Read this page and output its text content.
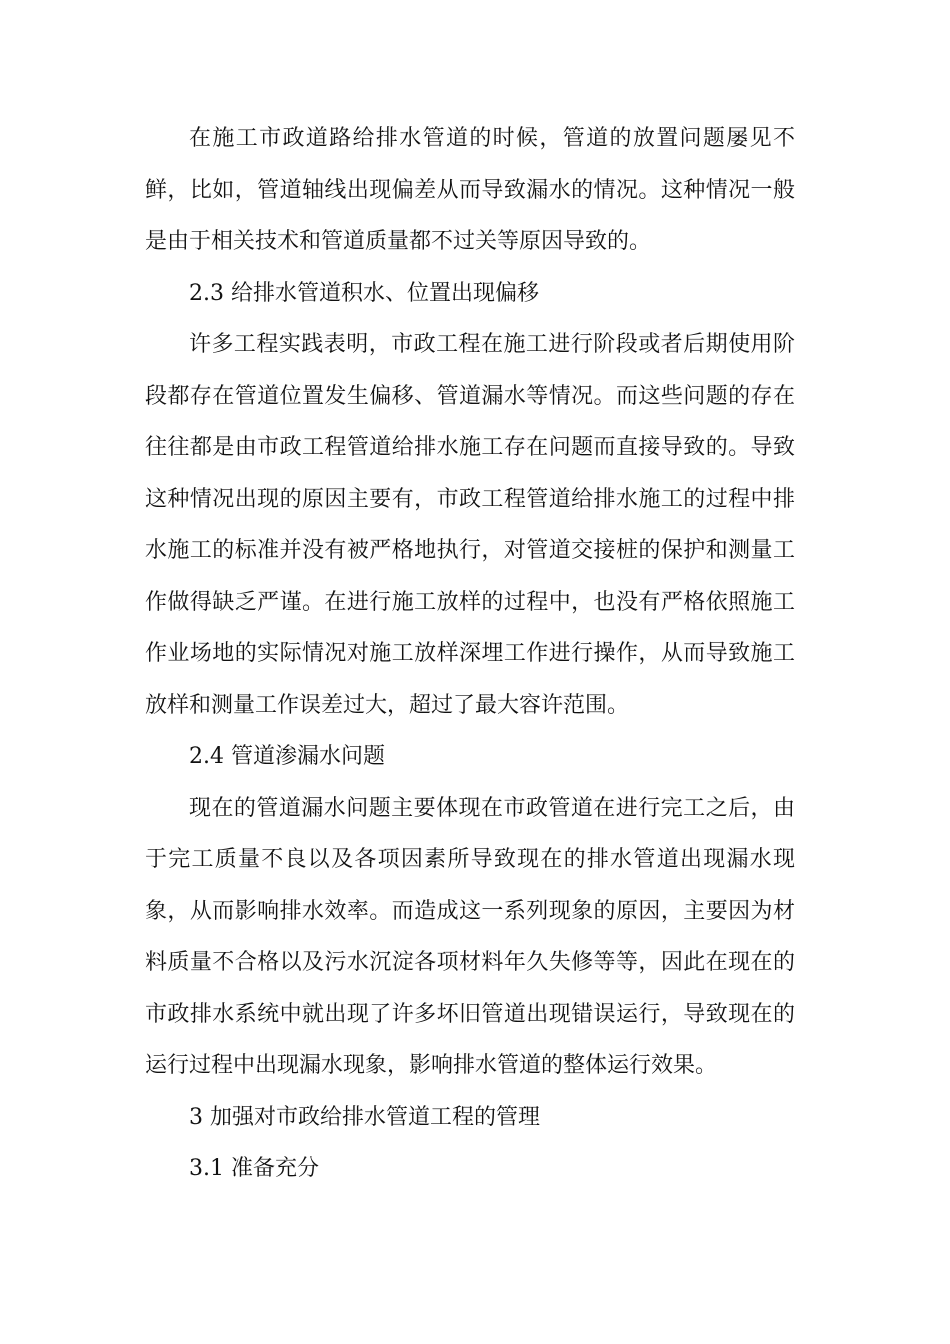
在施工市政道路给排水管道的时候，管道的放置问题屡见不鲜，比如，管道轴线出现偏差从而导致漏水的情况。这种情况一般是由于相关技术和管道质量都不过关等原因导致的。

2.3 给排水管道积水、位置出现偏移

许多工程实践表明，市政工程在施工进行阶段或者后期使用阶段都存在管道位置发生偏移、管道漏水等情况。而这些问题的存在往往都是由市政工程管道给排水施工存在问题而直接导致的。导致这种情况出现的原因主要有，市政工程管道给排水施工的过程中排水施工的标准并没有被严格地执行，对管道交接桩的保护和测量工作做得缺乏严谨。在进行施工放样的过程中，也没有严格依照施工作业场地的实际情况对施工放样深埋工作进行操作，从而导致施工放样和测量工作误差过大，超过了最大容许范围。

2.4 管道渗漏水问题

现在的管道漏水问题主要体现在市政管道在进行完工之后，由于完工质量不良以及各项因素所导致现在的排水管道出现漏水现象，从而影响排水效率。而造成这一系列现象的原因，主要因为材料质量不合格以及污水沉淀各项材料年久失修等等，因此在现在的市政排水系统中就出现了许多坏旧管道出现错误运行，导致现在的运行过程中出现漏水现象，影响排水管道的整体运行效果。

3 加强对市政给排水管道工程的管理

3.1 准备充分
